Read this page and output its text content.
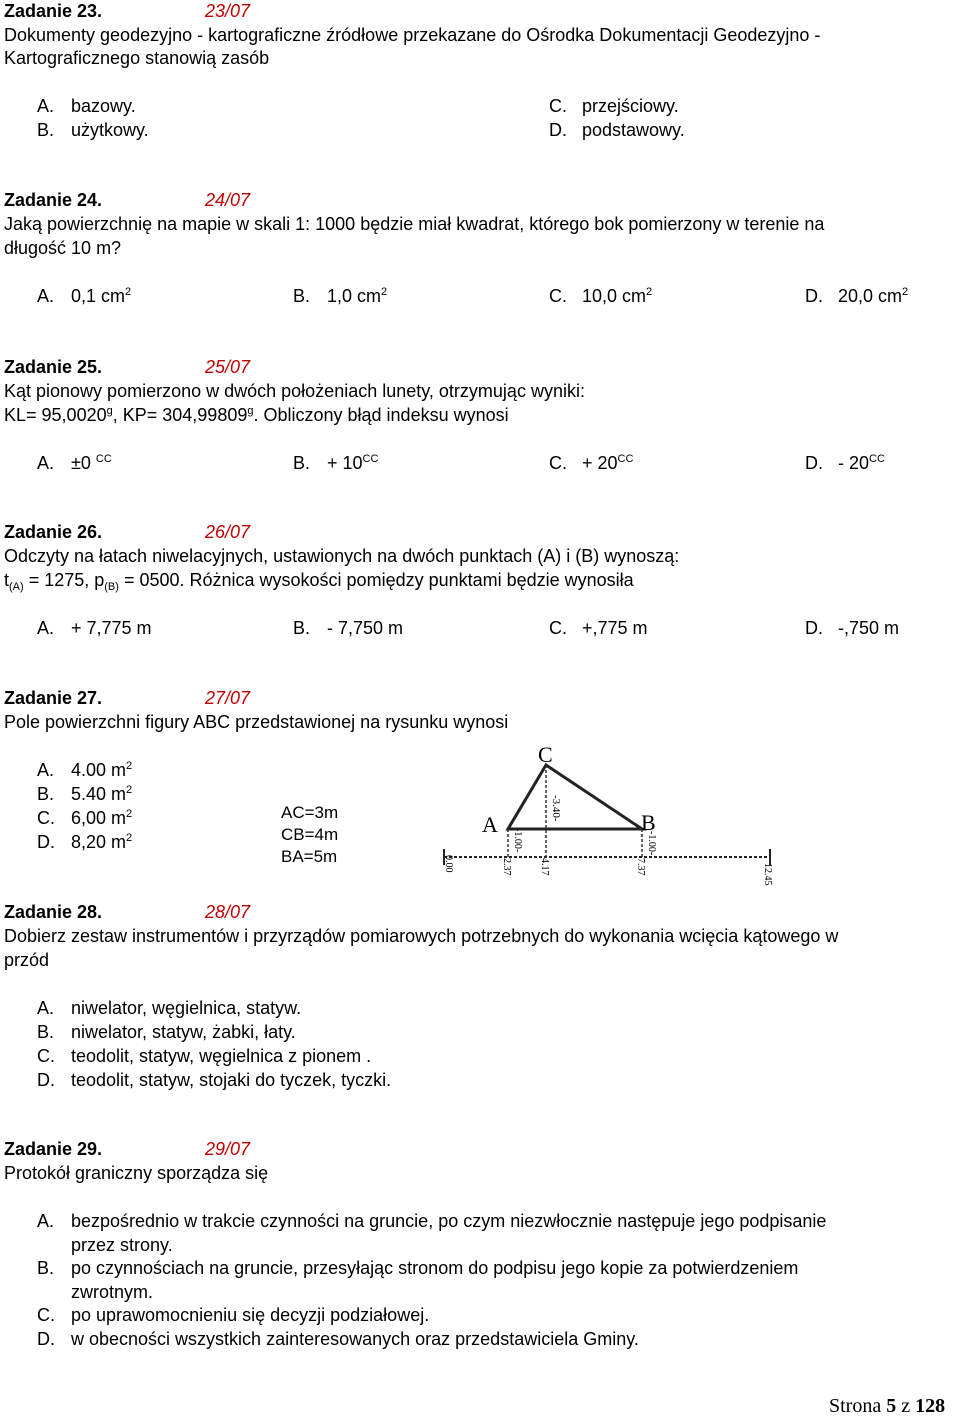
Zadanie 23.	23/07
Dokumenty geodezyjno - kartograficzne źródłowe przekazane do Ośrodka Dokumentacji Geodezyjno -
Kartograficznego stanowią zasób
A. bazowy.
B. użytkowy.
C. przejściowy.
D. podstawowy.
Zadanie 24.	24/07
Jaką powierzchnię na mapie w skali 1: 1000 będzie miał kwadrat, którego bok pomierzony w terenie na
długość 10 m?
A. 0,1 $cm^2$	B. 1,0 $cm^2$	C. 10,0 $cm^2$	D. 20,0 $cm^2$
Zadanie 25.	25/07
Kąt pionowy pomierzono w dwóch położeniach lunety, otrzymując wyniki:
KL= 95,0020$^g$, KP= 304,99809$^g$. Obliczony błąd indeksu wynosi
A. ±0 $^{CC}$	B. + $10^{CC}$	C. + $20^{CC}$	D. - $20^{CC}$
Zadanie 26.	26/07
Odczyty na łatach niwelacyjnych, ustawionych na dwóch punktach (A) i (B) wynoszą:
$t_{(A)} = 1275$, $p_{(B)} = 0500$. Różnica wysokości pomiędzy punktami będzie wynosiła
A. + 7,775 m	B. - 7,750 m	C. +,775 m	D. -,750 m
Zadanie 27.	27/07
Pole powierzchni figury ABC przedstawionej na rysunku wynosi
A. 4.00 $m^2$
B. 5.40 $m^2$
C. 6,00 $m^2$
D. 8,20 $m^2$
AC=3m
CB=4m
BA=5m
C
A	B
-3.40-
-1.00-	-1.00-
0.00	2.37	4.17	7.37	12.45
Zadanie 28.	28/07
Dobierz zestaw instrumentów i przyrządów pomiarowych potrzebnych do wykonania wcięcia kątowego w
przód
A. niwelator, węgielnica, statyw.
B. niwelator, statyw, żabki, łaty.
C. teodolit, statyw, węgielnica z pionem .
D. teodolit, statyw, stojaki do tyczek, tyczki.
Zadanie 29.	29/07
Protokół graniczny sporządza się
A. bezpośrednio w trakcie czynności na gruncie, po czym niezwłocznie następuje jego podpisanie
przez strony.
B. po czynnościach na gruncie, przesyłając stronom do podpisu jego kopie za potwierdzeniem
zwrotnym.
C. po uprawomocnieniu się decyzji podziałowej.
D. w obecności wszystkich zainteresowanych oraz przedstawiciela Gminy.
Strona 5 z 128
